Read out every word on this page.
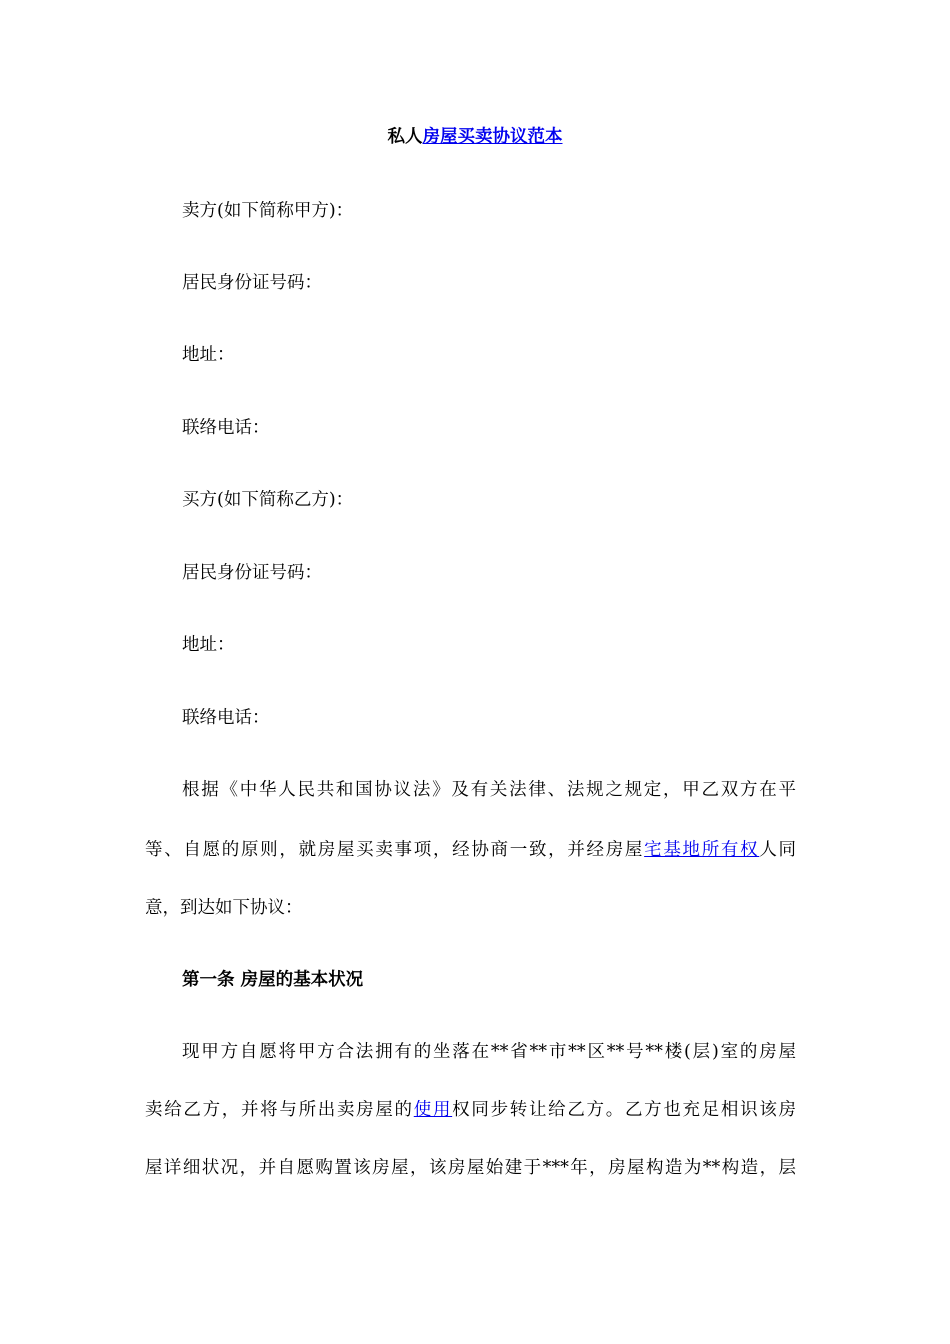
私人房屋买卖协议范本
卖方(如下简称甲方)：
居民身份证号码：
地址：
联络电话：
买方(如下简称乙方)：
居民身份证号码：
地址：
联络电话：
根据《中华人民共和国协议法》及有关法律、法规之规定，甲乙双方在平
等、自愿的原则，就房屋买卖事项，经协商一致，并经房屋宅基地所有权人同
意，到达如下协议：
第一条 房屋的基本状况
现甲方自愿将甲方合法拥有的坐落在**省**市**区**号**楼(层)室的房屋
卖给乙方，并将与所出卖房屋的使用权同步转让给乙方。乙方也充足相识该房
屋详细状况，并自愿购置该房屋，该房屋始建于***年，房屋构造为**构造，层
